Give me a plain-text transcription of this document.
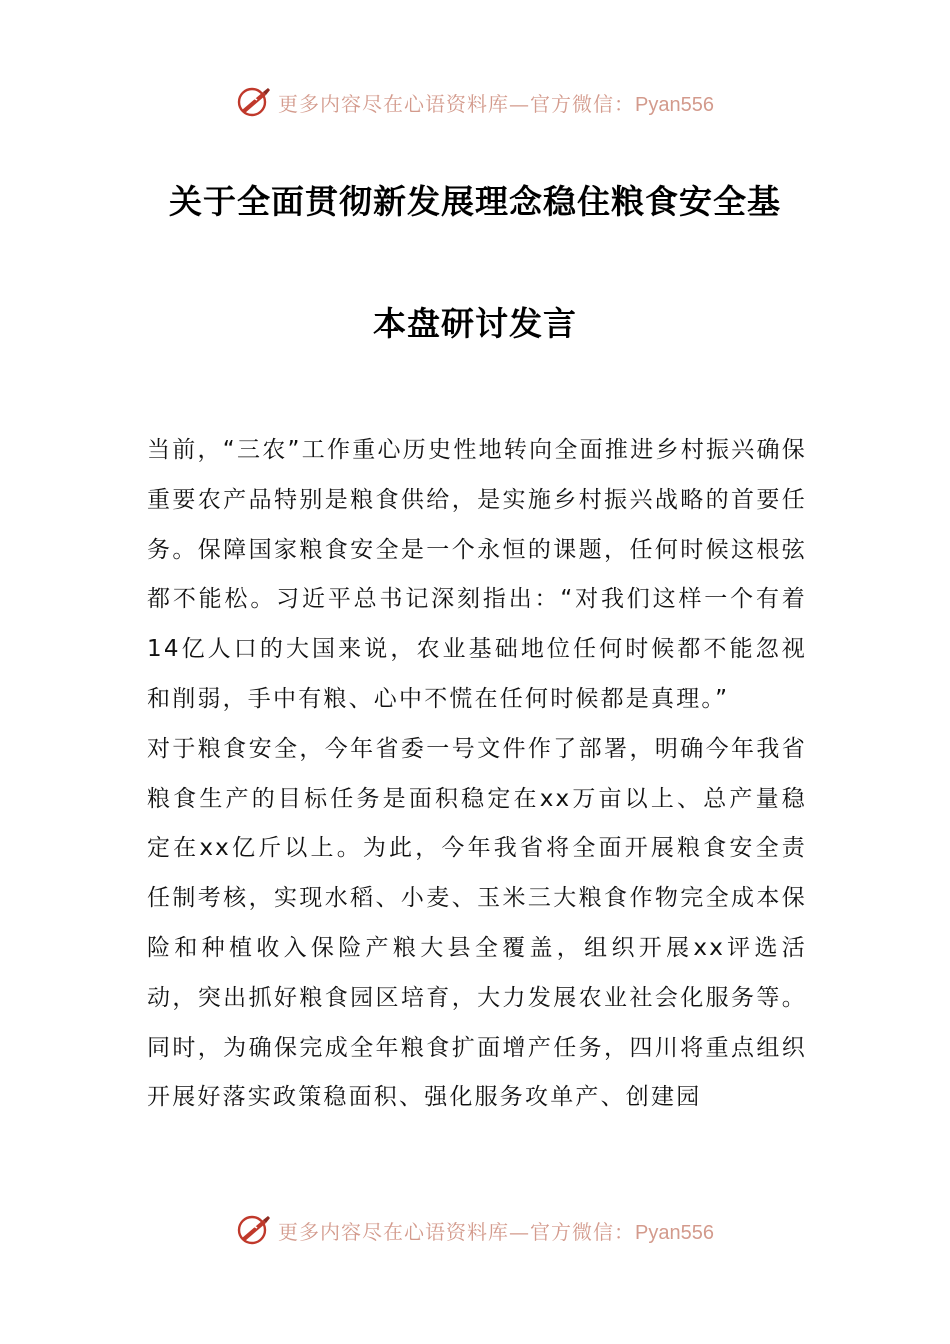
更多内容尽在心语资料库—官方微信：Pyan556
关于全面贯彻新发展理念稳住粮食安全基
本盘研讨发言

当前，“三农”工作重心历史性地转向全面推进乡村振兴确保重要农产品特别是粮食供给，是实施乡村振兴战略的首要任务。保障国家粮食安全是一个永恒的课题，任何时候这根弦都不能松。习近平总书记深刻指出：“对我们这样一个有着14亿人口的大国来说，农业基础地位任何时候都不能忽视和削弱，手中有粮、心中不慌在任何时候都是真理。”

对于粮食安全，今年省委一号文件作了部署，明确今年我省粮食生产的目标任务是面积稳定在xx万亩以上、总产量稳定在xx亿斤以上。为此，今年我省将全面开展粮食安全责任制考核，实现水稻、小麦、玉米三大粮食作物完全成本保险和种植收入保险产粮大县全覆盖，组织开展xx评选活动，突出抓好粮食园区培育，大力发展农业社会化服务等。同时，为确保完成全年粮食扩面增产任务，四川将重点组织开展好落实政策稳面积、强化服务攻单产、创建园

更多内容尽在心语资料库—官方微信：Pyan556
